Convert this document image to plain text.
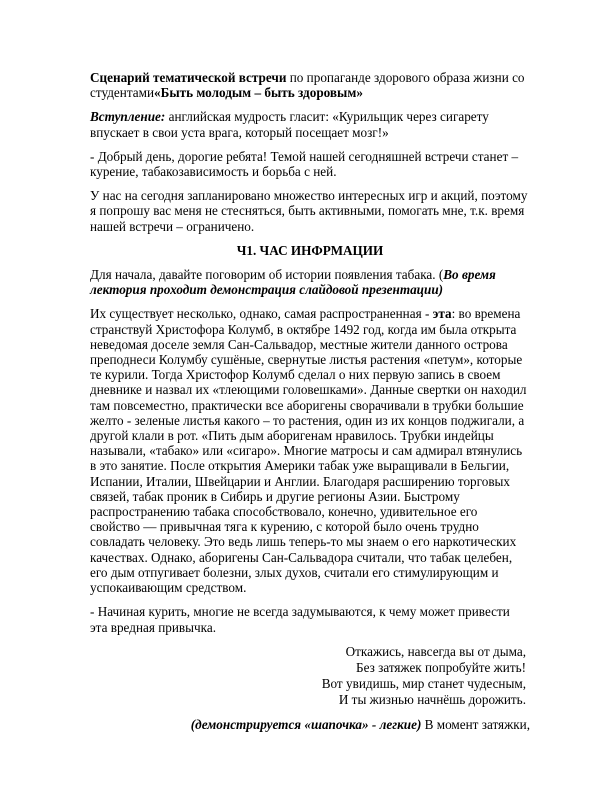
Сценарий тематической встречи по пропаганде здорового образа жизни со студентами«Быть молодым – быть здоровым»

Вступление: английская мудрость гласит: «Курильщик через сигарету впускает в свои уста врага, который посещает мозг!»

- Добрый день, дорогие ребята! Темой нашей сегодняшней встречи станет – курение, табакозависимость и борьба с ней.

У нас на сегодня запланировано множество интересных игр и акций, поэтому я попрошу вас меня не стесняться, быть активными, помогать мне, т.к. время нашей встречи – ограничено.

Ч1. ЧАС ИНФРМАЦИИ

Для начала, давайте поговорим об истории появления табака. (Во время лектория проходит демонстрация слайдовой презентации)

Их существует несколько, однако, самая распространенная - эта: во времена странствуй Христофора Колумб, в октябре 1492 год, когда им была открыта неведомая доселе земля Сан-Сальвадор, местные жители данного острова преподнеси Колумбу сушёные, свернутые листья растения «петум», которые те курили. Тогда Христофор Колумб сделал о них первую запись в своем дневнике и назвал их «тлеющими головешками». Данные свертки он находил там повсеместно, практически все аборигены сворачивали в трубки большие желто - зеленые листья какого – то растения, один из их концов поджигали, а другой клали в рот. «Пить дым аборигенам нравилось. Трубки индейцы называли, «табако» или «сигаро». Многие матросы и сам адмирал втянулись в это занятие. После открытия Америки табак уже выращивали в Бельгии, Испании, Италии, Швейцарии и Англии. Благодаря расширению торговых связей, табак проник в Сибирь и другие регионы Азии. Быстрому распространению табака способствовало, конечно, удивительное его свойство — привычная тяга к курению, с которой было очень трудно совладать человеку. Это ведь лишь теперь-то мы знаем о его наркотических качествах. Однако, аборигены Сан-Сальвадора считали, что табак целебен, его дым отпугивает болезни, злых духов, считали его стимулирующим и успокаивающим средством.

- Начиная курить, многие не всегда задумываются, к чему может привести эта вредная привычка.

Откажись, навсегда вы от дыма,
Без затяжек попробуйте жить!
Вот увидишь, мир станет чудесным,
И ты жизнью начнёшь дорожить.

(демонстрируется «шапочка» - легкие) В момент затяжки,
